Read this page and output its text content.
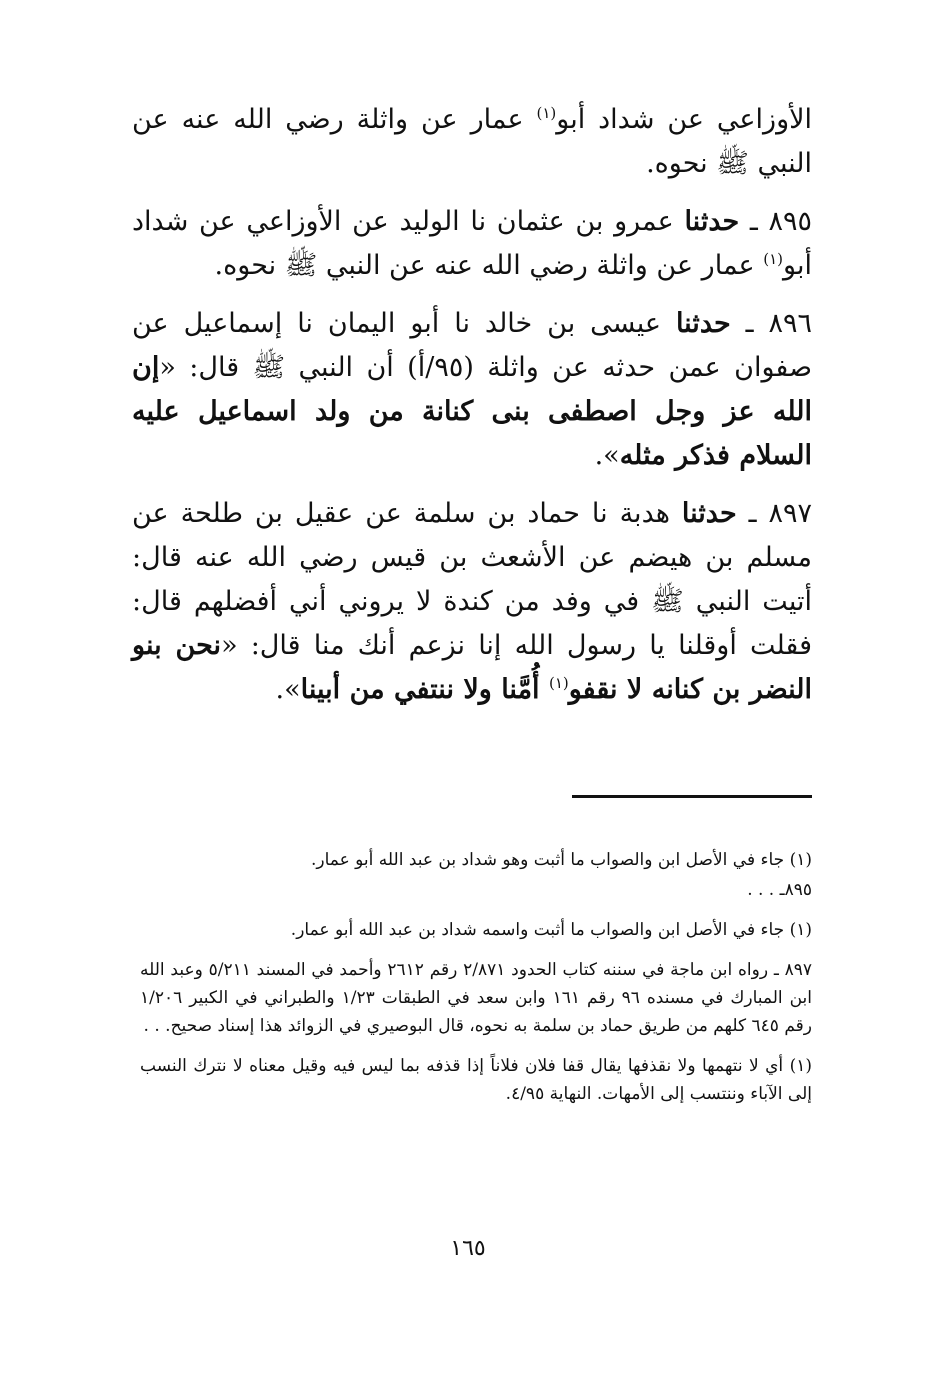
الأوزاعي عن شداد أبو$^{(١)}$ عمار عن واثلة رضي الله عنه عن النبي ﷺ نحوه.

٨٩٥ ـ حدثنا عمرو بن عثمان نا الوليد عن الأوزاعي عن شداد أبو$^{(١)}$ عمار عن واثلة رضي الله عنه عن النبي ﷺ نحوه.

٨٩٦ ـ حدثنا عيسى بن خالد نا أبو اليمان نا إسماعيل عن صفوان عمن حدثه عن واثلة (٩٥/أ) أن النبي ﷺ قال: «إن الله عز وجل اصطفى بنى كنانة من ولد اسماعيل عليه السلام فذكر مثله».

٨٩٧ ـ حدثنا هدبة نا حماد بن سلمة عن عقيل بن طلحة عن مسلم بن هيضم عن الأشعث بن قيس رضي الله عنه قال: أتيت النبي ﷺ في وفد من كندة لا يروني أني أفضلهم قال: فقلت أوقلنا يا رسول الله إنا نزعم أنك منا قال: «نحن بنو النضر بن كنانه لا نقفو$^{(١)}$ أُمَّنا ولا ننتفي من أبينا».

(١) جاء في الأصل ابن والصواب ما أثبت وهو شداد بن عبد الله أبو عمار.

٨٩٥ـ . . .

(١) جاء في الأصل ابن والصواب ما أثبت واسمه شداد بن عبد الله أبو عمار.

٨٩٧ ـ رواه ابن ماجة في سننه كتاب الحدود ٢/٨٧١ رقم ٢٦١٢ وأحمد في المسند ٥/٢١١ وعبد الله ابن المبارك في مسنده ٩٦ رقم ١٦١ وابن سعد في الطبقات ١/٢٣ والطبراني في الكبير ١/٢٠٦ رقم ٦٤٥ كلهم من طريق حماد بن سلمة به نحوه، قال البوصيري في الزوائد هذا إسناد صحيح. . .

(١) أي لا نتهمها ولا نقذفها يقال قفا فلان فلاناً إذا قذفه بما ليس فيه وقيل معناه لا نترك النسب إلى الآباء وننتسب إلى الأمهات. النهاية ٤/٩٥.

١٦٥
